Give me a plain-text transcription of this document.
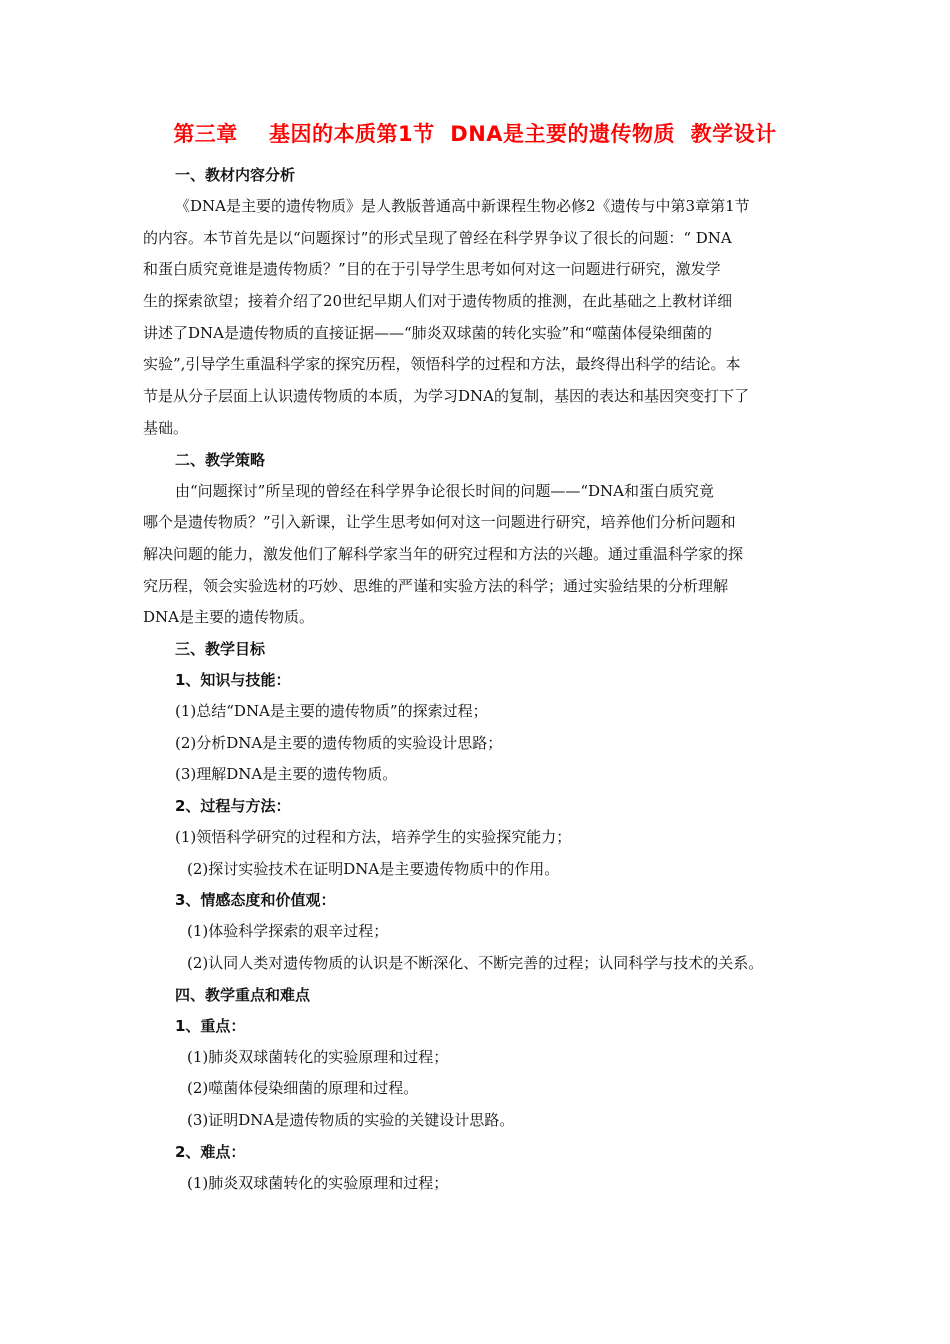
第三章    基因的本质第1节  DNA是主要的遗传物质  教学设计
一、教材内容分析
《DNA是主要的遗传物质》是人教版普通高中新课程生物必修2《遗传与中第3章第1节
的内容。本节首先是以“问题探讨”的形式呈现了曾经在科学界争议了很长的问题：“ DNA
和蛋白质究竟谁是遗传物质？”目的在于引导学生思考如何对这一问题进行研究，激发学
生的探索欲望；接着介绍了20世纪早期人们对于遗传物质的推测，在此基础之上教材详细
讲述了DNA是遗传物质的直接证据——“肺炎双球菌的转化实验”和“噬菌体侵染细菌的
实验”,引导学生重温科学家的探究历程，领悟科学的过程和方法，最终得出科学的结论。本
节是从分子层面上认识遗传物质的本质，为学习DNA的复制，基因的表达和基因突变打下了
基础。
二、教学策略
由“问题探讨”所呈现的曾经在科学界争论很长时间的问题——“DNA和蛋白质究竟
哪个是遗传物质？”引入新课，让学生思考如何对这一问题进行研究，培养他们分析问题和
解决问题的能力，激发他们了解科学家当年的研究过程和方法的兴趣。通过重温科学家的探
究历程，领会实验选材的巧妙、思维的严谨和实验方法的科学；通过实验结果的分析理解
DNA是主要的遗传物质。
三、教学目标
1、知识与技能：
(1)总结“DNA是主要的遗传物质”的探索过程；
(2)分析DNA是主要的遗传物质的实验设计思路；
(3)理解DNA是主要的遗传物质。
2、过程与方法：
(1)领悟科学研究的过程和方法，培养学生的实验探究能力；
(2)探讨实验技术在证明DNA是主要遗传物质中的作用。
3、情感态度和价值观：
(1)体验科学探索的艰辛过程；
(2)认同人类对遗传物质的认识是不断深化、不断完善的过程；认同科学与技术的关系。
四、教学重点和难点
1、重点：
(1)肺炎双球菌转化的实验原理和过程；
(2)噬菌体侵染细菌的原理和过程。
(3)证明DNA是遗传物质的实验的关键设计思路。
2、难点：
(1)肺炎双球菌转化的实验原理和过程；
